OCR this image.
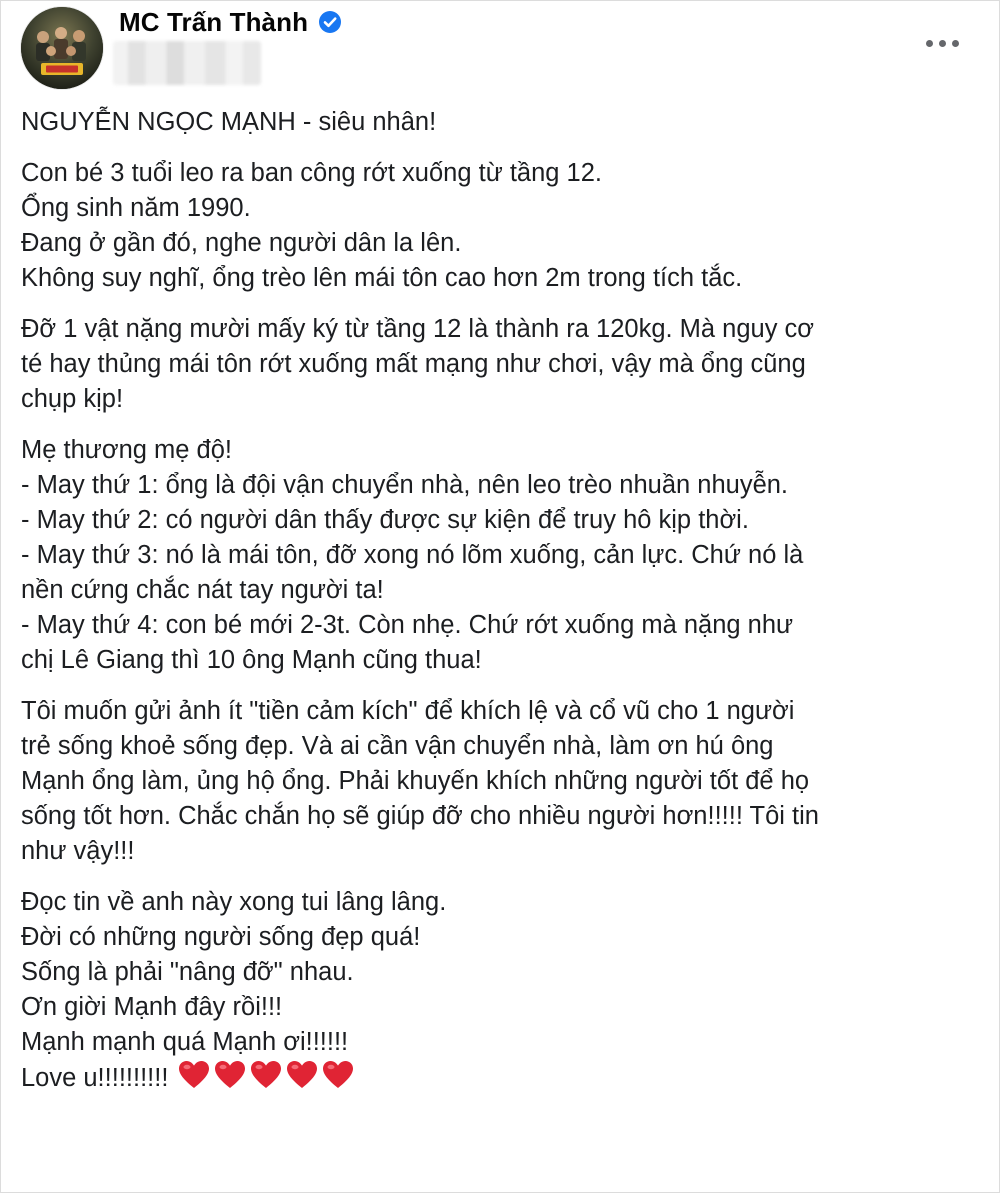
MC Trấn Thành
NGUYỄN NGỌC MẠNH - siêu nhân!
Con bé 3 tuổi leo ra ban công rớt xuống từ tầng 12.
Ổng sinh năm 1990.
Đang ở gần đó, nghe người dân la lên.
Không suy nghĩ, ổng trèo lên mái tôn cao hơn 2m trong tích tắc.
Đỡ 1 vật nặng mười mấy ký từ tầng 12 là thành ra 120kg. Mà nguy cơ
té hay thủng mái tôn rớt xuống mất mạng như chơi, vậy mà ổng cũng
chụp kịp!
Mẹ thương mẹ độ!
- May thứ 1: ổng là đội vận chuyển nhà, nên leo trèo nhuần nhuyễn.
- May thứ 2: có người dân thấy được sự kiện để truy hô kịp thời.
- May thứ 3: nó là mái tôn, đỡ xong nó lõm xuống, cản lực. Chứ nó là
nền cứng chắc nát tay người ta!
- May thứ 4: con bé mới 2-3t. Còn nhẹ. Chứ rớt xuống mà nặng như
chị Lê Giang thì 10 ông Mạnh cũng thua!
Tôi muốn gửi ảnh ít "tiền cảm kích" để khích lệ và cổ vũ cho 1 người
trẻ sống khoẻ sống đẹp. Và ai cần vận chuyển nhà, làm ơn hú ông
Mạnh ổng làm, ủng hộ ổng. Phải khuyến khích những người tốt để họ
sống tốt hơn. Chắc chắn họ sẽ giúp đỡ cho nhiều người hơn!!!!! Tôi tin
như vậy!!!
Đọc tin về anh này xong tui lâng lâng.
Đời có những người sống đẹp quá!
Sống là phải "nâng đỡ" nhau.
Ơn giời Mạnh đây rồi!!!
Mạnh mạnh quá Mạnh ơi!!!!!!
Love u!!!!!!!!!!
